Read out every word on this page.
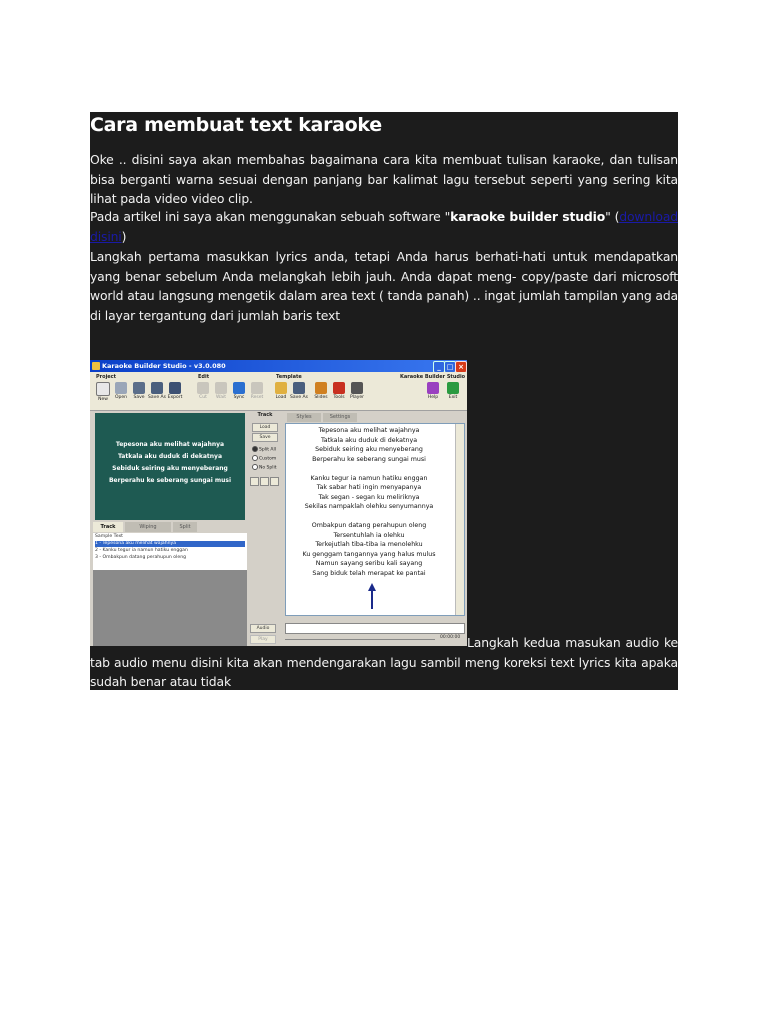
Cara membuat text karaoke

Oke .. disini saya akan membahas bagaimana cara kita membuat tulisan karaoke, dan tulisan bisa berganti warna sesuai dengan panjang bar kalimat lagu tersebut seperti yang sering kita lihat pada video video clip.

Pada artikel ini saya akan menggunakan sebuah software "karaoke builder studio" (download disini)

Langkah pertama masukkan lyrics anda, tetapi Anda harus berhati-hati untuk mendapatkan yang benar sebelum Anda melangkah lebih jauh. Anda dapat meng- copy/paste dari microsoft world atau langsung mengetik dalam area text ( tanda panah) .. ingat jumlah tampilan yang ada di layar tergantung dari jumlah baris text

Karaoke Builder Studio - v3.0.080	_ □ ×
Project	Edit	Template	Karaoke Builder Studio
New	Open	Save Save As Export	Cut	Wait	Sync	Reset	Load Save As	Slides	Tools	Player	Help	Exit
Tepesona aku melihat wajahnya
Tatkala aku duduk di dekatnya
Sebiduk seiring aku menyeberang
Berperahu ke seberang sungai musi
Track	Wiping	Split
Sample Text
1 - Tepesona aku melihat wajahnya
2 - Kanku tegur ia namun hatiku enggan
3 - Ombakpun datang perahupun oleng
Track
Load
Save
Split All
Custom
No Split
Styles	Settings
Tepesona aku melihat wajahnya
Tatkala aku duduk di dekatnya
Sebiduk seiring aku menyeberang
Berperahu ke seberang sungai musi
Kanku tegur ia namun hatiku enggan
Tak sabar hati ingin menyapanya
Tak segan - segan ku meliriknya
Sekilas nampaklah olehku senyumannya
Ombakpun datang perahupun oleng
Tersentuhlah ia olehku
Terkejutlah tiba-tiba ia menolehku
Ku genggam tangannya yang halus mulus
Namun sayang seribu kali sayang
Sang biduk telah merapat ke pantai
Audio
Play	00:00:00 Langkah kedua masukan audio ke tab audio menu disini kita akan mendengarakan lagu sambil meng koreksi text lyrics kita apaka sudah benar atau tidak
